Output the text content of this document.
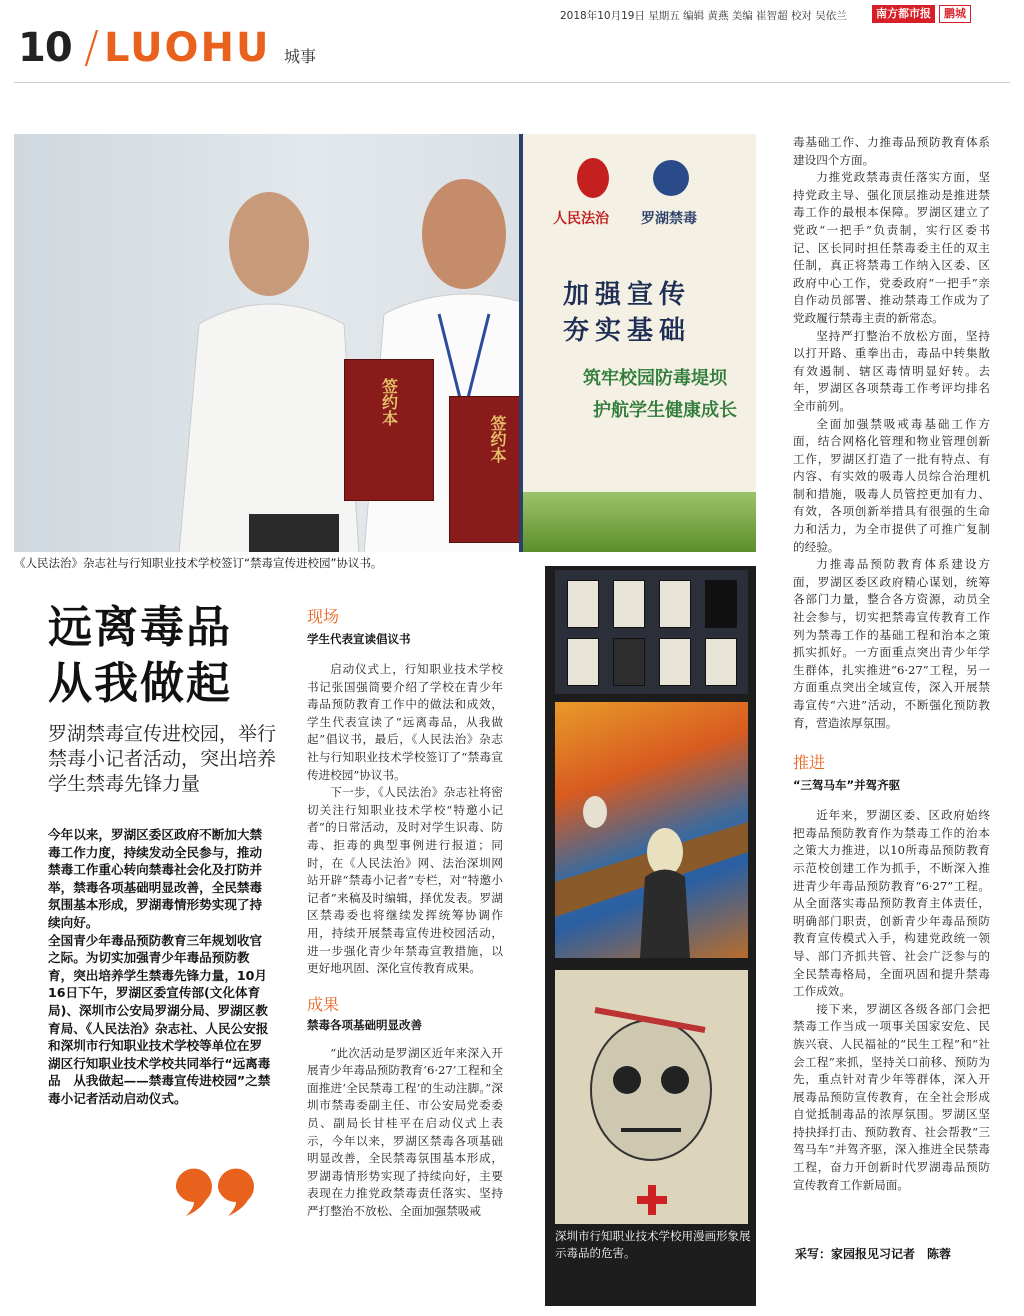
2018年10月19日 星期五 编辑 黄燕 美编 崔智超 校对 吴依兰	南方都市报	鹏城
10 / LUOHU 城事
签约本
签约本
人民法治 罗湖禁毒
加强宣传
夯实基础
筑牢校园防毒堤坝
护航学生健康成长
《人民法治》杂志社与行知职业技术学校签订“禁毒宣传进校园”协议书。
远离毒品
从我做起
罗湖禁毒宣传进校园，举行禁毒小记者活动，突出培养学生禁毒先锋力量

今年以来，罗湖区委区政府不断加大禁毒工作力度，持续发动全民参与，推动禁毒工作重心转向禁毒社会化及打防并举，禁毒各项基础明显改善，全民禁毒氛围基本形成，罗湖毒情形势实现了持续向好。

全国青少年毒品预防教育三年规划收官之际。为切实加强青少年毒品预防教育，突出培养学生禁毒先锋力量，10月16日下午，罗湖区委宣传部(文化体育局)、深圳市公安局罗湖分局、罗湖区教育局、《人民法治》杂志社、人民公安报和深圳市行知职业技术学校等单位在罗湖区行知职业技术学校共同举行“远离毒品　从我做起——禁毒宣传进校园”之禁毒小记者活动启动仪式。

现场
学生代表宣读倡议书

启动仪式上，行知职业技术学校书记张国强简要介绍了学校在青少年毒品预防教育工作中的做法和成效，学生代表宣读了“远离毒品，从我做起”倡议书，最后，《人民法治》杂志社与行知职业技术学校签订了“禁毒宣传进校园”协议书。

下一步，《人民法治》杂志社将密切关注行知职业技术学校“特邀小记者”的日常活动，及时对学生识毒、防毒、拒毒的典型事例进行报道；同时，在《人民法治》网、法治深圳网站开辟“禁毒小记者”专栏，对“特邀小记者”来稿及时编辑，择优发表。罗湖区禁毒委也将继续发挥统筹协调作用，持续开展禁毒宣传进校园活动，进一步强化青少年禁毒宣教措施，以更好地巩固、深化宣传教育成果。

成果
禁毒各项基础明显改善

“此次活动是罗湖区近年来深入开展青少年毒品预防教育‘6·27’工程和全面推进‘全民禁毒工程’的生动注脚。”深圳市禁毒委副主任、市公安局党委委员、副局长甘桂平在启动仪式上表示，今年以来，罗湖区禁毒各项基础明显改善，全民禁毒氛围基本形成，罗湖毒情形势实现了持续向好，主要表现在力推党政禁毒责任落实、坚持严打整治不放松、全面加强禁吸戒

深圳市行知职业技术学校用漫画形象展示毒品的危害。

毒基础工作、力推毒品预防教育体系建设四个方面。

力推党政禁毒责任落实方面，坚持党政主导、强化顶层推动是推进禁毒工作的最根本保障。罗湖区建立了党政“一把手”负责制，实行区委书记、区长同时担任禁毒委主任的双主任制，真正将禁毒工作纳入区委、区政府中心工作，党委政府“一把手”亲自作动员部署、推动禁毒工作成为了党政履行禁毒主责的新常态。

坚持严打整治不放松方面，坚持以打开路、重拳出击，毒品中转集散有效遏制、辖区毒情明显好转。去年，罗湖区各项禁毒工作考评均排名全市前列。

全面加强禁吸戒毒基础工作方面，结合网格化管理和物业管理创新工作，罗湖区打造了一批有特点、有内容、有实效的吸毒人员综合治理机制和措施，吸毒人员管控更加有力、有效，各项创新举措具有很强的生命力和活力，为全市提供了可推广复制的经验。

力推毒品预防教育体系建设方面，罗湖区委区政府精心谋划，统筹各部门力量，整合各方资源，动员全社会参与，切实把禁毒宣传教育工作列为禁毒工作的基础工程和治本之策抓实抓好。一方面重点突出青少年学生群体，扎实推进“6·27”工程，另一方面重点突出全域宣传，深入开展禁毒宣传“六进”活动，不断强化预防教育，营造浓厚氛围。

推进
“三驾马车”并驾齐驱

近年来，罗湖区委、区政府始终把毒品预防教育作为禁毒工作的治本之策大力推进，以10所毒品预防教育示范校创建工作为抓手，不断深入推进青少年毒品预防教育“6·27”工程。从全面落实毒品预防教育主体责任，明确部门职责，创新青少年毒品预防教育宣传模式入手，构建党政统一领导、部门齐抓共管、社会广泛参与的全民禁毒格局，全面巩固和提升禁毒工作成效。

接下来，罗湖区各级各部门会把禁毒工作当成一项事关国家安危、民族兴衰、人民福祉的“民生工程”和“社会工程”来抓，坚持关口前移、预防为先，重点针对青少年等群体，深入开展毒品预防宣传教育，在全社会形成自觉抵制毒品的浓厚氛围。罗湖区坚持抉择打击、预防教育、社会帮教“三驾马车”并驾齐驱，深入推进全民禁毒工程，奋力开创新时代罗湖毒品预防宣传教育工作新局面。

采写：家园报见习记者　陈蓉
